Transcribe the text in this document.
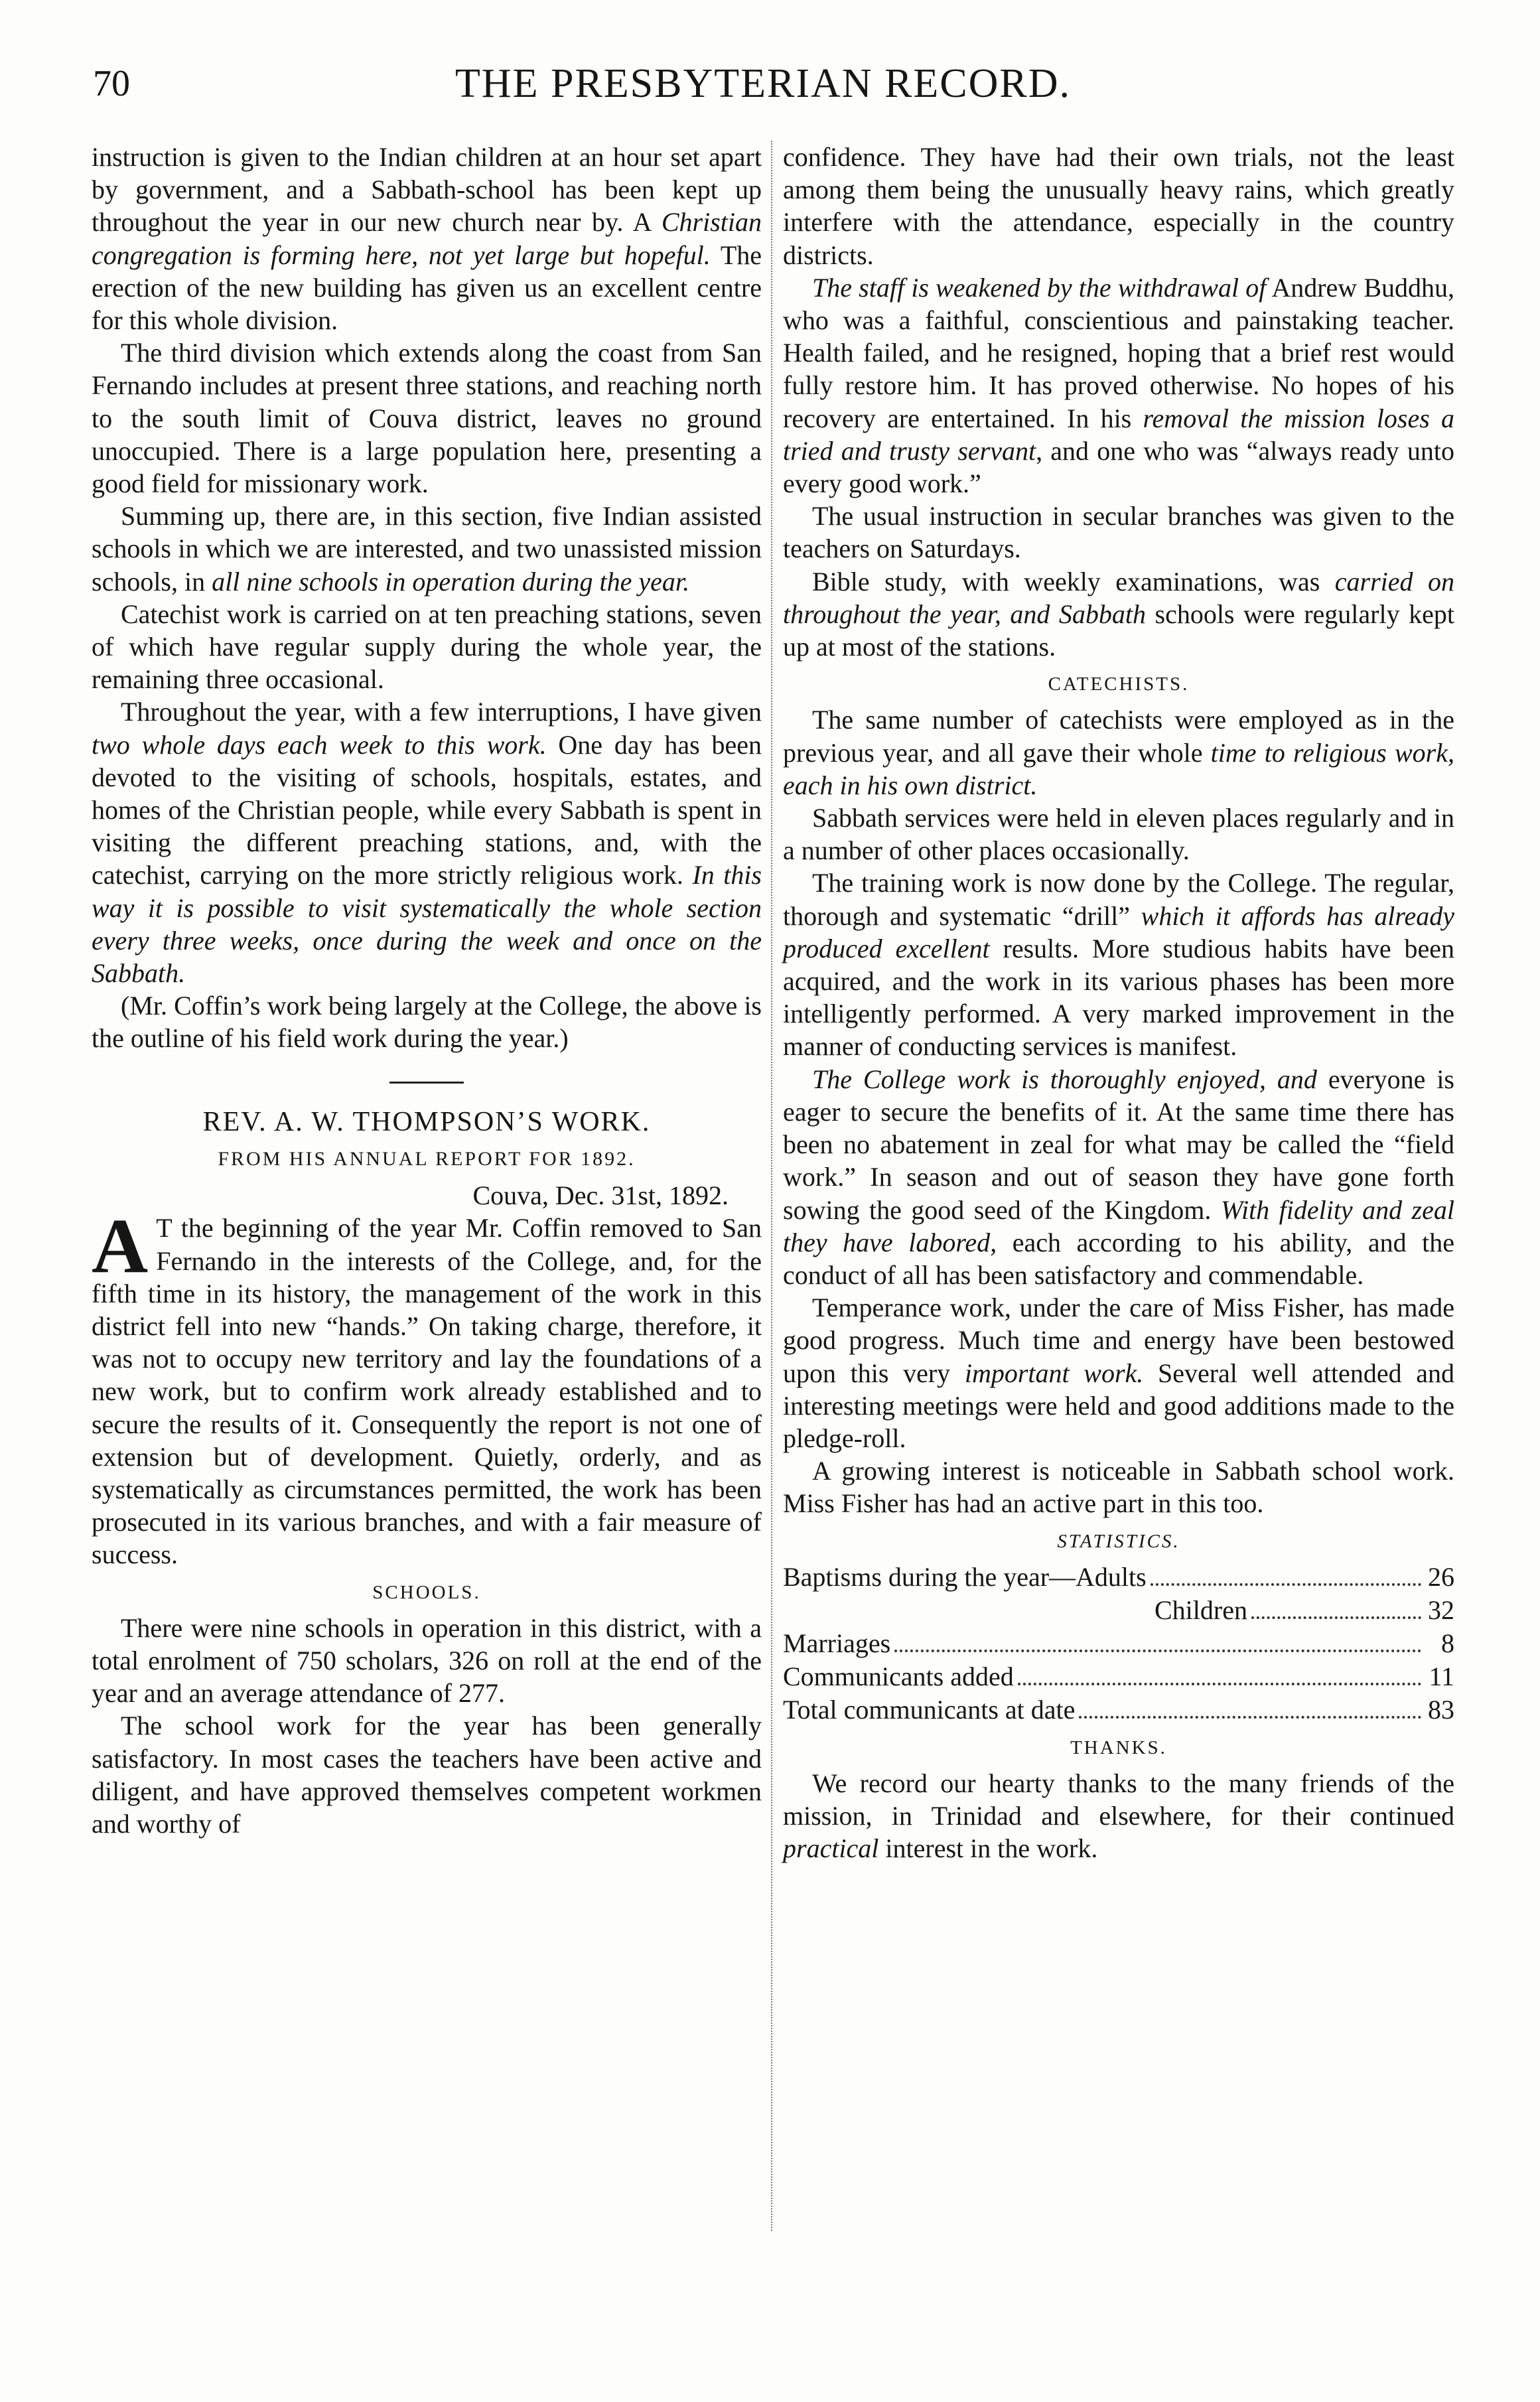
70	THE PRESBYTERIAN RECORD.

instruction is given to the Indian children at an hour set apart by government, and a Sabbath-school has been kept up throughout the year in our new church near by. A Christian congregation is forming here, not yet large but hopeful. The erection of the new building has given us an excellent centre for this whole division.

The third division which extends along the coast from San Fernando includes at present three stations, and reaching north to the south limit of Couva district, leaves no ground unoccupied. There is a large population here, presenting a good field for missionary work.

Summing up, there are, in this section, five Indian assisted schools in which we are interested, and two unassisted mission schools, in all nine schools in operation during the year.

Catechist work is carried on at ten preaching stations, seven of which have regular supply during the whole year, the remaining three occasional.

Throughout the year, with a few interruptions, I have given two whole days each week to this work. One day has been devoted to the visiting of schools, hospitals, estates, and homes of the Christian people, while every Sabbath is spent in visiting the different preaching stations, and, with the catechist, carrying on the more strictly religious work. In this way it is possible to visit systematically the whole section every three weeks, once during the week and once on the Sabbath.

(Mr. Coffin’s work being largely at the College, the above is the outline of his field work during the year.)

REV. A. W. THOMPSON’S WORK.
FROM HIS ANNUAL REPORT FOR 1892.
Couva, Dec. 31st, 1892.

A T the beginning of the year Mr. Coffin removed to San Fernando in the interests of the College, and, for the fifth time in its history, the management of the work in this district fell into new “hands.” On taking charge, therefore, it was not to occupy new territory and lay the foundations of a new work, but to confirm work already established and to secure the results of it. Consequently the report is not one of extension but of development. Quietly, orderly, and as systematically as circumstances permitted, the work has been prosecuted in its various branches, and with a fair measure of success.

SCHOOLS.

There were nine schools in operation in this district, with a total enrolment of 750 scholars, 326 on roll at the end of the year and an average attendance of 277.

The school work for the year has been generally satisfactory. In most cases the teachers have been active and diligent, and have approved themselves competent workmen and worthy of

confidence. They have had their own trials, not the least among them being the unusually heavy rains, which greatly interfere with the attendance, especially in the country districts.

The staff is weakened by the withdrawal of Andrew Buddhu, who was a faithful, conscientious and painstaking teacher. Health failed, and he resigned, hoping that a brief rest would fully restore him. It has proved otherwise. No hopes of his recovery are entertained. In his removal the mission loses a tried and trusty servant, and one who was “always ready unto every good work.”

The usual instruction in secular branches was given to the teachers on Saturdays.

Bible study, with weekly examinations, was carried on throughout the year, and Sabbath schools were regularly kept up at most of the stations.

CATECHISTS.

The same number of catechists were employed as in the previous year, and all gave their whole time to religious work, each in his own district.

Sabbath services were held in eleven places regularly and in a number of other places occasionally.

The training work is now done by the College. The regular, thorough and systematic “drill” which it affords has already produced excellent results. More studious habits have been acquired, and the work in its various phases has been more intelligently performed. A very marked improvement in the manner of conducting services is manifest.

The College work is thoroughly enjoyed, and everyone is eager to secure the benefits of it. At the same time there has been no abatement in zeal for what may be called the “field work.” In season and out of season they have gone forth sowing the good seed of the Kingdom. With fidelity and zeal they have labored, each according to his ability, and the conduct of all has been satisfactory and commendable.

Temperance work, under the care of Miss Fisher, has made good progress. Much time and energy have been bestowed upon this very important work. Several well attended and interesting meetings were held and good additions made to the pledge-roll.

A growing interest is noticeable in Sabbath school work. Miss Fisher has had an active part in this too.

STATISTICS.
Baptisms during the year—Adults	26
Children	32
Marriages	8
Communicants added	11
Total communicants at date	83
THANKS.

We record our hearty thanks to the many friends of the mission, in Trinidad and elsewhere, for their continued practical interest in the work.
